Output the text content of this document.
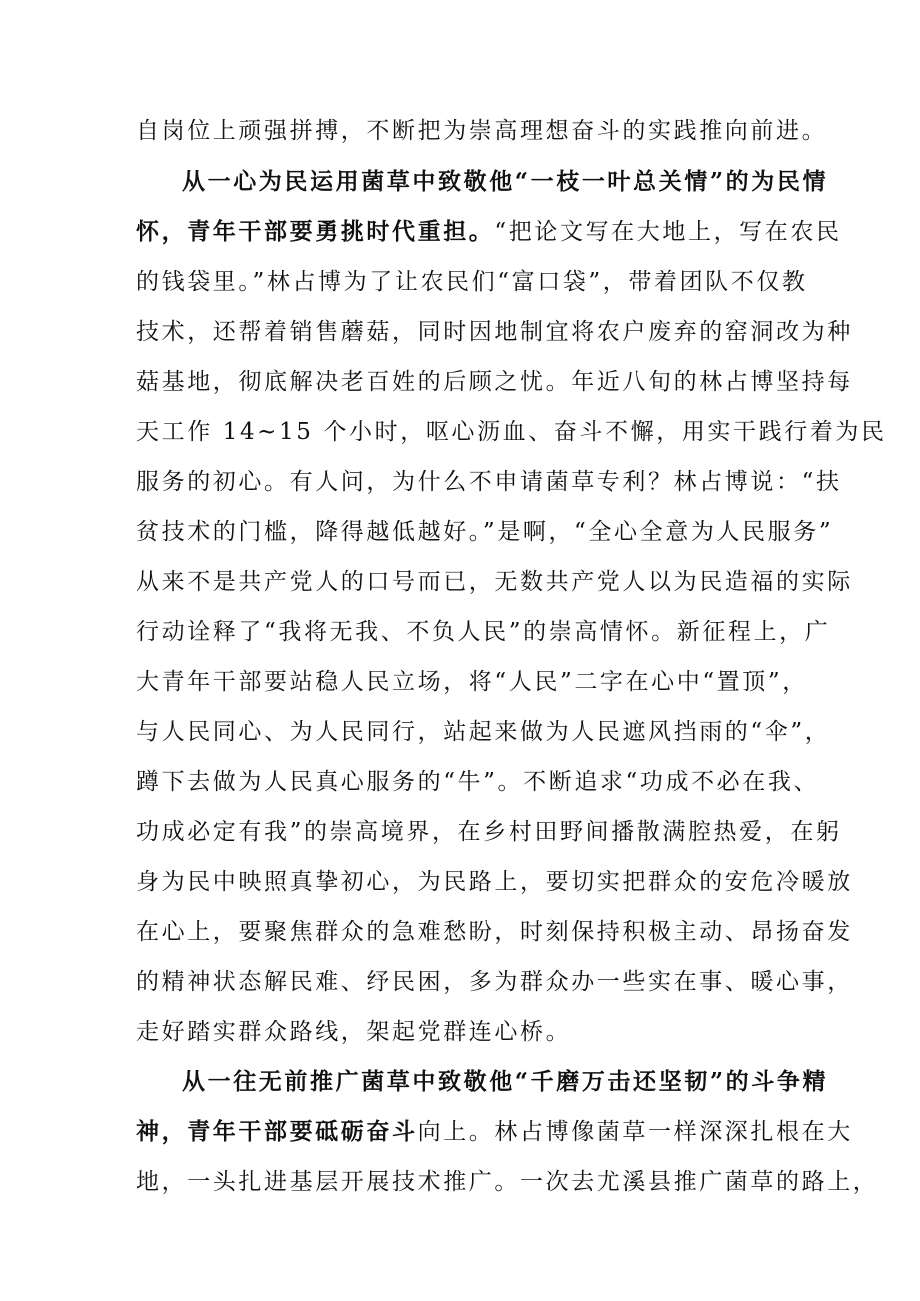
自岗位上顽强拼搏，不断把为崇高理想奋斗的实践推向前进。
从一心为民运用菌草中致敬他“一枝一叶总关情”的为民情
怀，青年干部要勇挑时代重担。“把论文写在大地上，写在农民
的钱袋里。”林占博为了让农民们“富口袋”，带着团队不仅教
技术，还帮着销售蘑菇，同时因地制宜将农户废弃的窑洞改为种
菇基地，彻底解决老百姓的后顾之忧。年近八旬的林占博坚持每
天工作 14~15 个小时，呕心沥血、奋斗不懈，用实干践行着为民
服务的初心。有人问，为什么不申请菌草专利？林占博说：“扶
贫技术的门槛，降得越低越好。”是啊，“全心全意为人民服务”
从来不是共产党人的口号而已，无数共产党人以为民造福的实际
行动诠释了“我将无我、不负人民”的崇高情怀。新征程上，广
大青年干部要站稳人民立场，将“人民”二字在心中“置顶”，
与人民同心、为人民同行，站起来做为人民遮风挡雨的“伞”，
蹲下去做为人民真心服务的“牛”。不断追求“功成不必在我、
功成必定有我”的崇高境界，在乡村田野间播散满腔热爱，在躬
身为民中映照真挚初心，为民路上，要切实把群众的安危冷暖放
在心上，要聚焦群众的急难愁盼，时刻保持积极主动、昂扬奋发
的精神状态解民难、纾民困，多为群众办一些实在事、暖心事，
走好踏实群众路线，架起党群连心桥。
从一往无前推广菌草中致敬他“千磨万击还坚韧”的斗争精
神，青年干部要砥砺奋斗向上。林占博像菌草一样深深扎根在大
地，一头扎进基层开展技术推广。一次去尤溪县推广菌草的路上，
